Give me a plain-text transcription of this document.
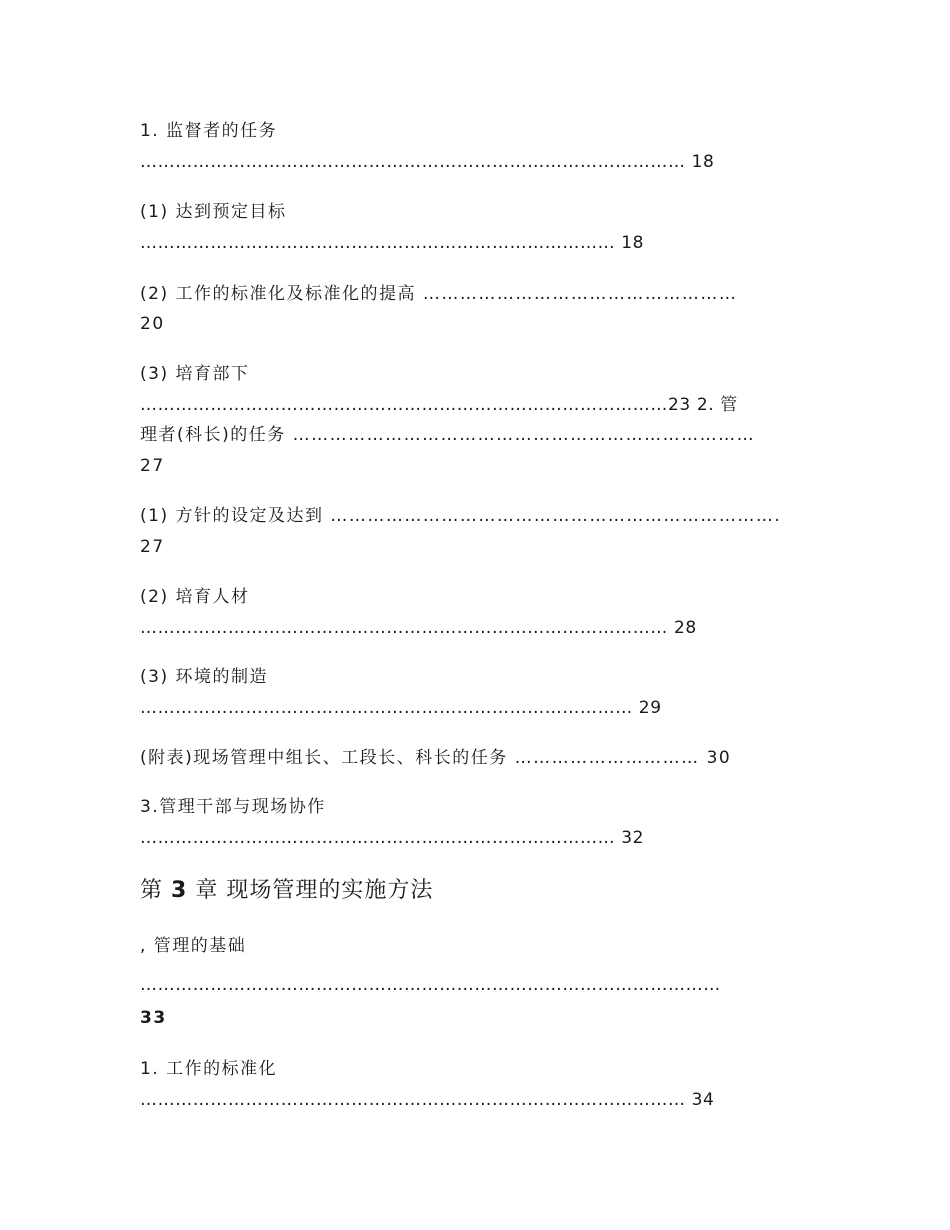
1. 监督者的任务
………………………………………………………………………………… 18
(1) 达到预定目标
……………………………………………………………………… 18
(2) 工作的标准化及标准化的提高 ……………………………………………
20
(3) 培育部下
………………………………………………………………………………23 2. 管
理者(科长)的任务 …………………………………………………………………
27
(1) 方针的设定及达到 ……………………………………………………………….
27
(2) 培育人材
……………………………………………………………………………… 28
(3) 环境的制造
………………………………………………………………………… 29
(附表)现场管理中组长、工段长、科长的任务 ………………………… 30
3.管理干部与现场协作
……………………………………………………………………… 32
第 3 章 现场管理的实施方法
, 管理的基础
………………………………………………………………………………………
33
1. 工作的标准化
………………………………………………………………………………… 34
